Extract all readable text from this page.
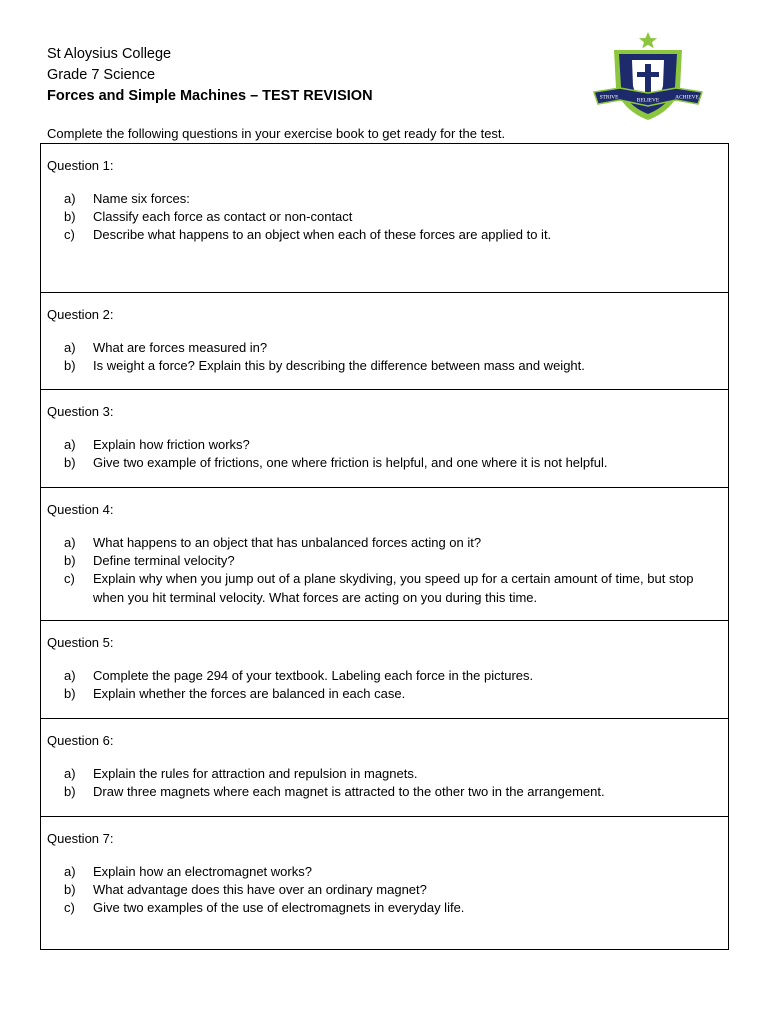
St Aloysius College
Grade 7 Science
Forces and Simple Machines – TEST REVISION	STRIVE	BELIEVE	ACHIEVE
Complete the following questions in your exercise book to get ready for the test.
Question 1:
a) Name six forces:
b) Classify each force as contact or non-contact
c) Describe what happens to an object when each of these forces are applied to it.
Question 2:
a) What are forces measured in?
b) Is weight a force? Explain this by describing the difference between mass and weight.
Question 3:
a) Explain how friction works?
b) Give two example of frictions, one where friction is helpful, and one where it is not helpful.
Question 4:
a) What happens to an object that has unbalanced forces acting on it?
b) Define terminal velocity?
c) Explain why when you jump out of a plane skydiving, you speed up for a certain amount of time, but stop when you hit terminal velocity. What forces are acting on you during this time.
Question 5:
a) Complete the page 294 of your textbook. Labeling each force in the pictures.
b) Explain whether the forces are balanced in each case.
Question 6:
a) Explain the rules for attraction and repulsion in magnets.
b) Draw three magnets where each magnet is attracted to the other two in the arrangement.
Question 7:
a) Explain how an electromagnet works?
b) What advantage does this have over an ordinary magnet?
c) Give two examples of the use of electromagnets in everyday life.
